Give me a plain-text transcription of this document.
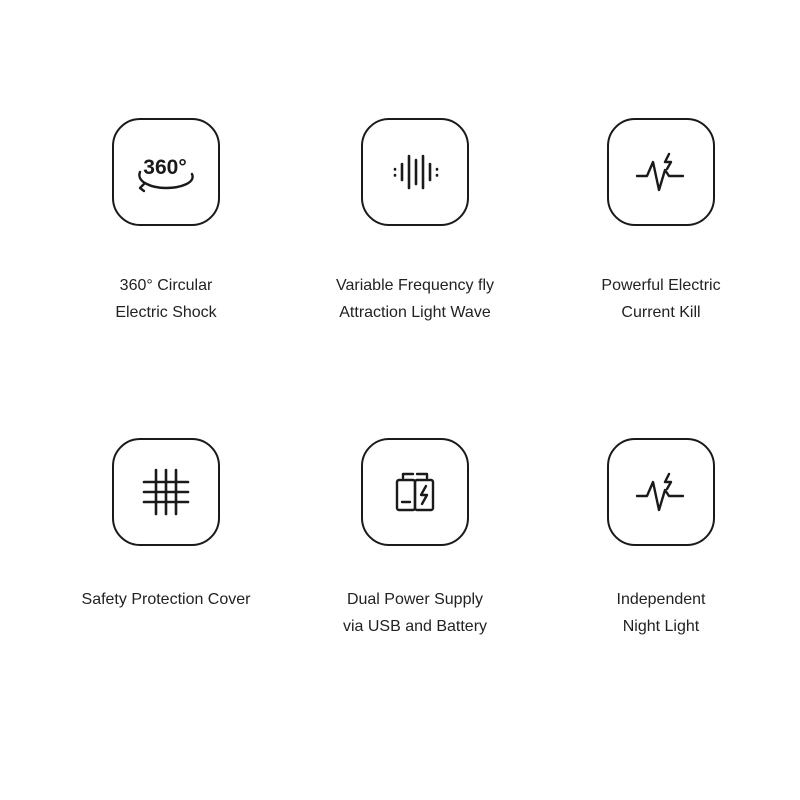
360°
360° Circular
Electric Shock
Variable Frequency fly
Attraction Light Wave
Powerful Electric
Current Kill
Safety Protection Cover	Dual Power Supply
via USB and Battery
Independent
Night Light
